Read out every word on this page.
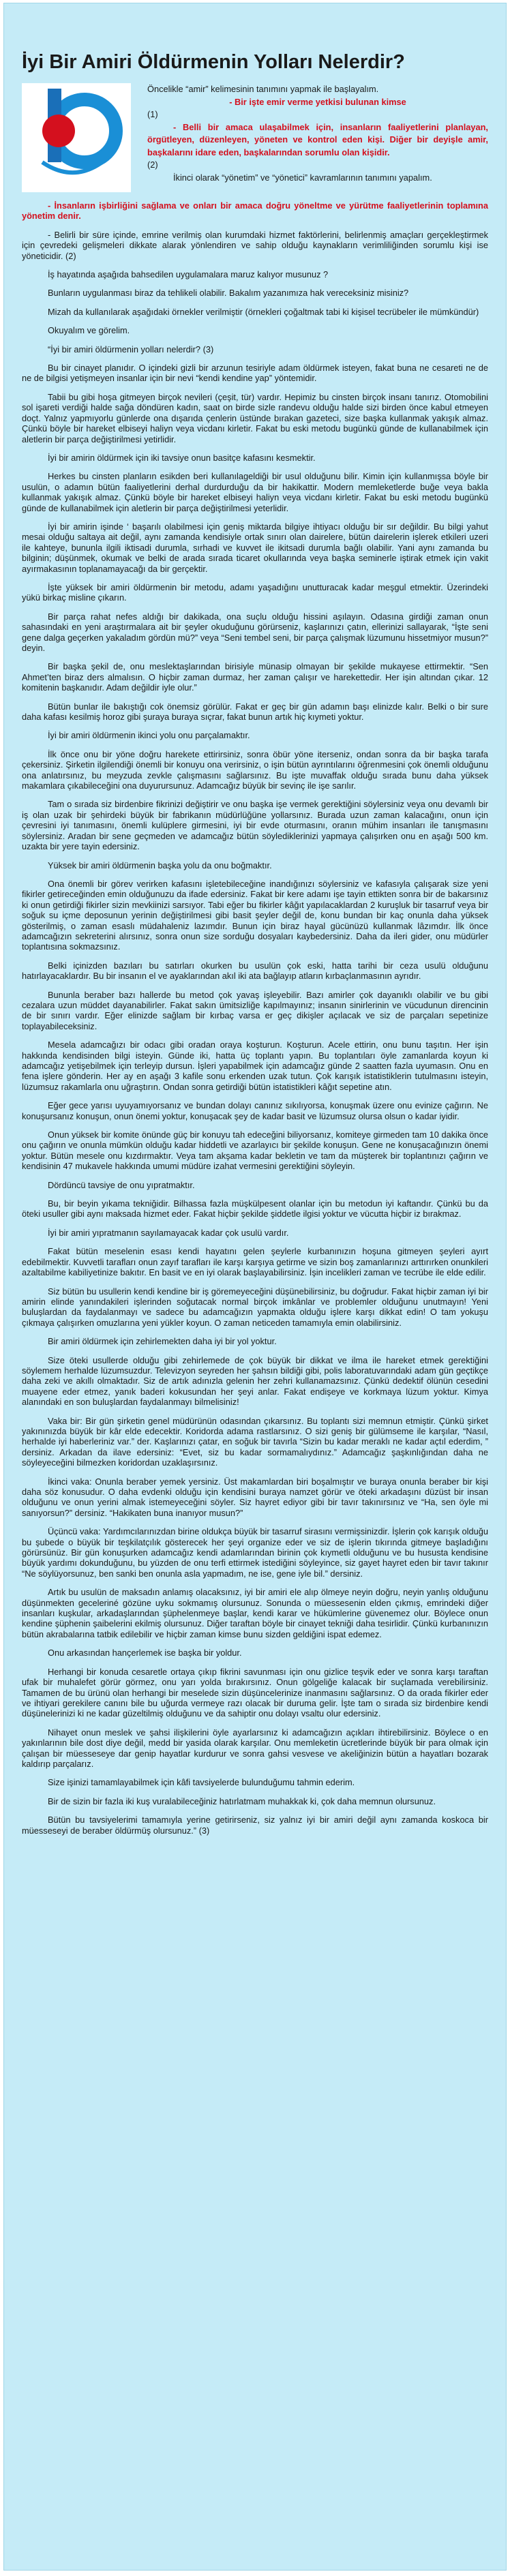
İyi Bir Amiri Öldürmenin Yolları Nelerdir?

Öncelikle “amir” kelimesinin tanımını yapmak ile başlayalım.

- Bir işte emir verme yetkisi bulunan kimse

(1)

- Belli bir amaca ulaşabilmek için, insanların faaliyetlerini planlayan, örgütleyen, düzenleyen, yöneten ve kontrol eden kişi. Diğer bir deyişle amir, başkalarını idare eden, başkalarından sorumlu olan kişidir.

(2)

İkinci olarak “yönetim” ve “yönetici” kavramlarının tanımını yapalım.

- İnsanların işbirliğini sağlama ve onları bir amaca doğru yöneltme ve yürütme faaliyetlerinin toplamına yönetim denir.

- Belirli bir süre içinde, emrine verilmiş olan kurumdaki hizmet faktörlerini, belirlenmiş amaçları gerçekleştirmek için çevredeki gelişmeleri dikkate alarak yönlendiren ve sahip olduğu kaynakların verimliliğinden sorumlu kişi ise yöneticidir. (2)

İş hayatında aşağıda bahsedilen uygulamalara maruz kalıyor musunuz ?

Bunların uygulanması biraz da tehlikeli olabilir. Bakalım yazanımıza hak vereceksiniz misiniz?

Mizah da kullanılarak aşağıdaki örnekler verilmiştir (örnekleri çoğaltmak tabi ki kişisel tecrübeler ile mümkündür)

Okuyalım ve görelim.

“İyi bir amiri öldürmenin yolları nelerdir? (3)

Bu bir cinayet planıdır. O içindeki gizli bir arzunun tesiriyle adam öldürmek isteyen, fakat buna ne cesareti ne de ne de bilgisi yetişmeyen insanlar için bir nevi “kendi kendine yap” yöntemidir.

Tabii bu gibi hoşa gitmeyen birçok nevileri (çeşit, tür) vardır. Hepimiz bu cinsten birçok insanı tanırız. Otomobilini sol işareti verdiği halde sağa döndüren kadın, saat on birde sizle randevu olduğu halde sizi birden önce kabul etmeyen doçt. Yalnız yapmıyorlu günlerde ona dışarıda çenlerin üstünde bırakan gazeteci, size başka kullanmak yakışık almaz. Çünkü böyle bir hareket elbiseyi haliyn veya vicdanı kirletir. Fakat bu eski metodu bugünkü günde de kullanabilmek için aletlerin bir parça değiştirilmesi yetirlidir.

İyi bir amirin öldürmek için iki tavsiye onun basitçe kafasını kesmektir.

Herkes bu cinsten planların esikden beri kullanılageldiği bir usul olduğunu bilir. Kimin için kullanmışsa böyle bir usulün, o adamın bütün faaliyetlerini derhal durdurduğu da bir hakikattir. Modern memleketlerde buğe veya bakla kullanmak yakışık almaz. Çünkü böyle bir hareket elbiseyi haliyn veya vicdanı kirletir. Fakat bu eski metodu bugünkü günde de kullanabilmek için aletlerin bir parça değiştirilmesi yeterlidir.

İyi bir amirin işinde ‘ başarılı olabilmesi için geniş miktarda bilgiye ihtiyacı olduğu bir sır değildir. Bu bilgi yahut mesai olduğu saltaya ait değil, aynı zamanda kendisiyle ortak sınırı olan dairelere, bütün dairelerin işlerek etkileri uzeri ile kahteye, bununla ilgili iktisadi durumla, sırhadi ve kuvvet ile ikitsadi durumla bağlı olabilir. Yani aynı zamanda bu bilginin; düşünmek, okumak ve belki de arada sırada ticaret okullarında veya başka seminerle iştirak etmek için vakit ayırmakasının toplanamayacağı da bir gerçektir.

İşte yüksek bir amiri öldürmenin bir metodu, adamı yaşadığını unutturacak kadar meşgul etmektir. Üzerindeki yükü birkaç misline çıkarın.

Bir parça rahat nefes aldığı bir dakikada, ona suçlu olduğu hissini aşılayın. Odasına girdiği zaman onun sahasındaki en yeni araştırmalara ait bir şeyler okuduğunu görürseniz, kaşlarınızı çatın, ellerinizi sallayarak, “İşte seni gene dalga geçerken yakaladım gördün mü?” veya “Seni tembel seni, bir parça çalışmak lüzumunu hissetmiyor musun?” deyin.

Bir başka şekil de, onu meslektaşlarından birisiyle münasip olmayan bir şekilde mukayese ettirmektir. “Sen Ahmet’ten biraz ders almalısın. O hiçbir zaman durmaz, her zaman çalışır ve harekettedir. Her işin altından çıkar. 12 komitenin başkanıdır. Adam değildir iyle olur.”

Bütün bunlar ile bakıştığı cok önemsiz görülür. Fakat er geç bir gün adamın başı elinizde kalır. Belki o bir sure daha kafası kesilmiş horoz gibi şuraya buraya sıçrar, fakat bunun artık hiç kıymeti yoktur.

İyi bir amiri öldürmenin ikinci yolu onu parçalamaktır.

İlk önce onu bir yöne doğru harekete ettirirsiniz, sonra öbür yöne iterseniz, ondan sonra da bir başka tarafa çekersiniz. Şirketin ilgilendiği önemli bir konuyu ona verirsiniz, o işin bütün ayrıntılarını öğrenmesini çok önemli olduğunu ona anlatırsınız, bu meyzuda zevkle çalışmasını sağlarsınız. Bu işte muvaffak olduğu sırada bunu daha yüksek makamlara çıkabileceğini ona duyurursunuz. Adamcağız büyük bir sevinç ile işe sarılır.

Tam o sırada siz birdenbire fikrinizi değiştirir ve onu başka işe vermek gerektiğini söylersiniz veya onu devamlı bir iş olan uzak bir şehirdeki büyük bir fabrikanın müdürlüğüne yollarsınız. Burada uzun zaman kalacağını, onun için çevresini iyi tanımasını, önemli kulüplere girmesini, iyi bir evde oturmasını, oranın mühim insanları ile tanışmasını söylersiniz. Aradan bir sene geçmeden ve adamcağız bütün söylediklerinizi yapmaya çalışırken onu en aşağı 500 km. uzakta bir yere tayin edersiniz.

Yüksek bir amiri öldürmenin başka yolu da onu boğmaktır.

Ona önemli bir görev verirken kafasını işletebileceğine inandığınızı söylersiniz ve kafasıyla çalışarak size yeni fikirler getireceğinden emin olduğunuzu da ifade edersiniz. Fakat bir kere adamı işe tayin ettikten sonra bir de bakarsınız ki onun getirdiği fikirler sizin mevkiinizi sarsıyor. Tabi eğer bu fikirler kâğıt yapılacaklardan 2 kuruşluk bir tasarruf veya bir soğuk su içme deposunun yerinin değiştirilmesi gibi basit şeyler değil de, konu bundan bir kaç onunla daha yüksek gösterilmiş, o zaman esaslı müdahaleniz lazımdır. Bunun için biraz hayal gücünüzü kullanmak lâzımdır. İlk önce adamcağızın sekreterini alırsınız, sonra onun size sorduğu dosyaları kaybedersiniz. Daha da ileri gider, onu müdürler toplantısına sokmazsınız.

Belki içinizden bazıları bu satırları okurken bu usulün çok eski, hatta tarihi bir ceza usulü olduğunu hatırlayacaklardır. Bu bir insanın el ve ayaklarından akıl iki ata bağlayıp atların kırbaçlanmasının ayrıdır.

Bununla beraber bazı hallerde bu metod çok yavaş işleyebilir. Bazı amirler çok dayanıklı olabilir ve bu gibi cezalara uzun müddet dayanabilirler. Fakat sakın ümitsizliğe kapılmayınız; insanın sinirlerinin ve vücudunun direncinin de bir sınırı vardır. Eğer elinizde sağlam bir kırbaç varsa er geç dikişler açılacak ve siz de parçaları sepetinize toplayabileceksiniz.

Mesela adamcağızı bir odacı gibi oradan oraya koşturun. Koşturun. Acele ettirin, onu bunu taşıtın. Her işin hakkında kendisinden bilgi isteyin. Günde iki, hatta üç toplantı yapın. Bu toplantıları öyle zamanlarda koyun ki adamcağız yetişebilmek için terleyip dursun. İşleri yapabilmek için adamcağız günde 2 saatten fazla uyumasın. Onu en fena işlere gönderin. Her ay en aşağı 3 kafile sonu erkenden uzak tutun. Çok karışık istatistiklerin tutulmasını isteyin, lüzumsuz rakamlarla onu uğraştırın. Ondan sonra getirdiği bütün istatistikleri kâğıt sepetine atın.

Eğer gece yarısı uyuyamıyorsanız ve bundan dolayı canınız sıkılıyorsa, konuşmak üzere onu evinize çağırın. Ne konuşursanız konuşun, onun önemi yoktur, konuşacak şey de kadar basit ve lüzumsuz olursa olsun o kadar iyidir.

Onun yüksek bir komite önünde güç bir konuyu tah edeceğini biliyorsanız, komiteye girmeden tam 10 dakika önce onu çağırın ve onunla mümkün olduğu kadar hiddetli ve azarlayıcı bir şekilde konuşun. Gene ne konuşacağınızın önemi yoktur. Bütün mesele onu kızdırmaktır. Veya tam akşama kadar bekletin ve tam da müşterek bir toplantınızı çağırın ve kendisinin 47 mukavele hakkında umumi müdüre izahat vermesini gerektiğini söyleyin.

Dördüncü tavsiye de onu yıpratmaktır.

Bu, bir beyin yıkama tekniğidir. Bilhassa fazla müşkülpesent olanlar için bu metodun iyi kaftandır. Çünkü bu da öteki usuller gibi aynı maksada hizmet eder. Fakat hiçbir şekilde şiddetle ilgisi yoktur ve vücutta hiçbir iz bırakmaz.

İyi bir amiri yıpratmanın sayılamayacak kadar çok usulü vardır.

Fakat bütün meselenin esası kendi hayatını gelen şeylerle kurbanınızın hoşuna gitmeyen şeyleri ayırt edebilmektir. Kuvvetli tarafları onun zayıf tarafları ile karşı karşıya getirme ve sizin boş zamanlarınızı arttırırken onunkileri azaltabilme kabiliyetinize bakıtır. En basit ve en iyi olarak başlayabilirsiniz. İşin incelikleri zaman ve tecrübe ile elde edilir.

Siz bütün bu usullerin kendi kendine bir iş göremeyeceğini düşünebilirsiniz, bu doğrudur. Fakat hiçbir zaman iyi bir amirin elinde yanındakileri işlerinden soğutacak normal birçok imkânlar ve problemler olduğunu unutmayın! Yeni buluşlardan da faydalanmayı ve sadece bu adamcağızın yapmakta olduğu işlere karşı dikkat edin! O tam yokuşu çıkmaya çalışırken omuzlarına yeni yükler koyun. O zaman neticeden tamamıyla emin olabilirsiniz.

Bir amiri öldürmek için zehirlemekten daha iyi bir yol yoktur.

Size öteki usullerde olduğu gibi zehirlemede de çok büyük bir dikkat ve ilma ile hareket etmek gerektiğini söylemem herhalde lüzumsuzdur. Televizyon seyreden her şahsın bildiği gibi, polis laboratuvarındaki adam gün geçtikçe daha zeki ve akıllı olmaktadır. Siz de artık adınızla gelenin her zehri kullanamazsınız. Çünkü dedektif ölünün cesedini muayene eder etmez, yanık baderi kokusundan her şeyi anlar. Fakat endişeye ve korkmaya lüzum yoktur. Kimya alanındaki en son buluşlardan faydalanmayı bilmelisiniz!

Vaka bir: Bir gün şirketin genel müdürünün odasından çıkarsınız. Bu toplantı sizi memnun etmiştir. Çünkü şirket yakınınızda büyük bir kâr elde edecektir. Koridorda adama rastlarsınız. O sizi geniş bir gülümseme ile karşılar, “Nasıl, herhalde iyi haberleriniz var.” der. Kaşlarınızı çatar, en soğuk bir tavırla “Sizin bu kadar meraklı ne kadar açtıl ederdim, ” dersiniz. Arkadan da ilave edersiniz: “Evet, siz bu kadar sormamalıydınız.” Adamcağız şaşkınlığından daha ne söyleyeceğini bilmezken koridordan uzaklaşırsınız.

İkinci vaka: Onunla beraber yemek yersiniz. Üst makamlardan biri boşalmıştır ve buraya onunla beraber bir kişi daha söz konusudur. O daha evdenki olduğu için kendisini buraya namzet görür ve öteki arkadaşını düzüst bir insan olduğunu ve onun yerini almak istemeyeceğini söyler. Siz hayret ediyor gibi bir tavır takınırsınız ve “Ha, sen öyle mi sanıyorsun?” dersiniz. “Hakikaten buna inanıyor musun?”

Üçüncü vaka: Yardımcılarınızdan birine oldukça büyük bir tasarruf sirasını vermişsinizdir. İşlerin çok karışık olduğu bu şubede o büyük bir teşkilatçılık gösterecek her şeyi organize eder ve siz de işlerin tıkırında gitmeye başladığını görürsünüz. Bir gün konuşurken adamcağız kendi adamlarından birinin çok kıymetli olduğunu ve bu hususta kendisine büyük yardımı dokunduğunu, bu yüzden de onu terfi ettirmek istediğini söyleyince, siz gayet hayret eden bir tavır takınır “Ne söylüyorsunuz, ben sanki ben onunla asla yapmadım, ne ise, gene iyle bil.” dersiniz.

Artık bu usulün de maksadın anlamış olacaksınız, iyi bir amiri ele alıp ölmeye neyin doğru, neyin yanlış olduğunu düşünmekten geceleriné gözüne uyku sokmamış olursunuz. Sonunda o müessesenin elden çıkmış, emrindeki diğer insanları kuşkular, arkadaşlarından şüphelenmeye başlar, kendi karar ve hükümlerine güvenemez olur. Böylece onun kendine şüphenin şaibelerini ekilmiş olursunuz. Diğer taraftan böyle bir cinayet tekniği daha tesirlidir. Çünkü kurbanınızın bütün akrabalarına tatbik edilebilir ve hiçbir zaman kimse bunu sizden geldiğini ispat edemez.

Onu arkasından hançerlemek ise başka bir yoldur.

Herhangi bir konuda cesaretle ortaya çıkıp fikrini savunması için onu gizlice teşvik eder ve sonra karşı taraftan ufak bir muhalefet görür görmez, onu yarı yolda bırakırsınız. Onun gölgeliğe kalacak bir suçlamada verebilirsiniz. Tamamen de bu ürünü olan herhangi bir meselede sizin düşüncelerinize inanmasını sağlarsınız. O da orada fikirler eder ve ihtiyari gerekilere canını bile bu uğurda vermeye razı olacak bir duruma gelir. İşte tam o sırada siz birdenbire kendi düşünelerinizi ki ne kadar güzeltilmiş olduğunu ve da sahiptir onu dolayı vsaltu olur edersiniz.

Nihayet onun meslek ve şahsi ilişkilerini öyle ayarlarsınız ki adamcağızın açıkları ihtirebilirsiniz. Böylece o en yakınlarının bile dost diye değil, medd bir yasida olarak karşılar. Onu memleketin ücretlerinde büyük bir para olmak için çalışan bir müesseseye dar genip hayatlar kurdurur ve sonra gahsi vesvese ve akeliğinizin bütün a hayatları bozarak kaldırıp parçalarız.

Size işinizi tamamlayabilmek için kâfi tavsiyelerde bulunduğumu tahmin ederim.

Bir de sizin bir fazla iki kuş vuralabileceğiniz hatırlatmam muhakkak ki, çok daha memnun olursunuz.

Bütün bu tavsiyelerimi tamamıyla yerine getirirseniz, siz yalnız iyi bir amiri değil aynı zamanda koskoca bir müesseseyi de beraber öldürmüş olursunuz.” (3)
